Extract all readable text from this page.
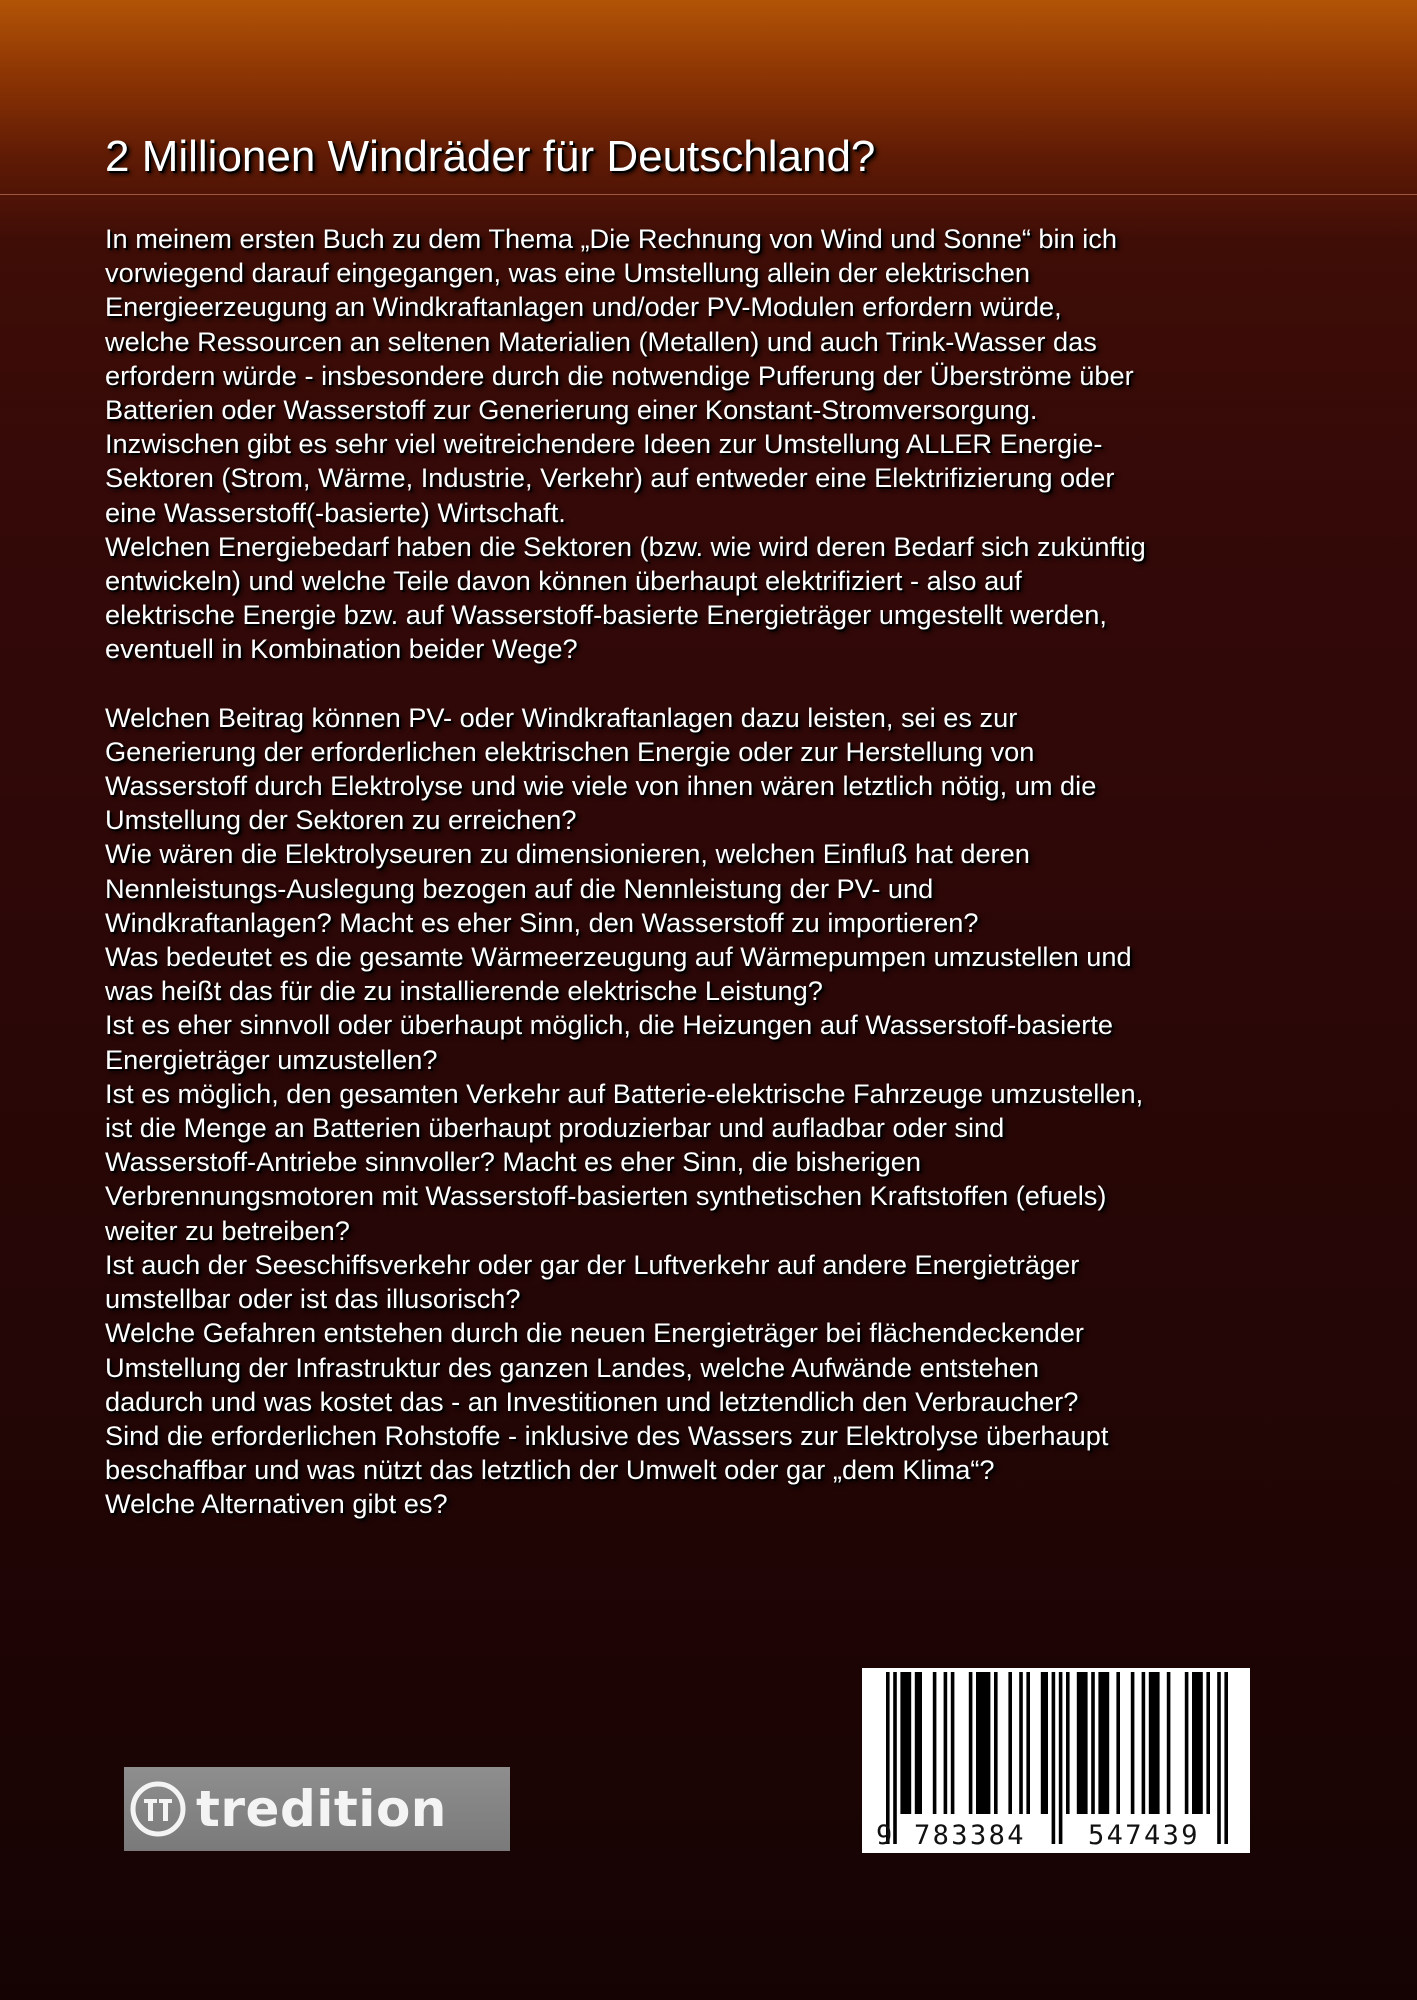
2 Millionen Windräder für Deutschland?
In meinem ersten Buch zu dem Thema „Die Rechnung von Wind und Sonne“ bin ich
vorwiegend darauf eingegangen, was eine Umstellung allein der elektrischen
Energieerzeugung an Windkraftanlagen und/oder PV-Modulen erfordern würde,
welche Ressourcen an seltenen Materialien (Metallen) und auch Trink-Wasser das
erfordern würde - insbesondere durch die notwendige Pufferung der Überströme über
Batterien oder Wasserstoff zur Generierung einer Konstant-Stromversorgung.
Inzwischen gibt es sehr viel weitreichendere Ideen zur Umstellung ALLER Energie-
Sektoren (Strom, Wärme, Industrie, Verkehr) auf entweder eine Elektrifizierung oder
eine Wasserstoff(-basierte) Wirtschaft.
Welchen Energiebedarf haben die Sektoren (bzw. wie wird deren Bedarf sich zukünftig
entwickeln) und welche Teile davon können überhaupt elektrifiziert - also auf
elektrische Energie bzw. auf Wasserstoff-basierte Energieträger umgestellt werden,
eventuell in Kombination beider Wege?
Welchen Beitrag können PV- oder Windkraftanlagen dazu leisten, sei es zur
Generierung der erforderlichen elektrischen Energie oder zur Herstellung von
Wasserstoff durch Elektrolyse und wie viele von ihnen wären letztlich nötig, um die
Umstellung der Sektoren zu erreichen?
Wie wären die Elektrolyseuren zu dimensionieren, welchen Einfluß hat deren
Nennleistungs-Auslegung bezogen auf die Nennleistung der PV- und
Windkraftanlagen? Macht es eher Sinn, den Wasserstoff zu importieren?
Was bedeutet es die gesamte Wärmeerzeugung auf Wärmepumpen umzustellen und
was heißt das für die zu installierende elektrische Leistung?
Ist es eher sinnvoll oder überhaupt möglich, die Heizungen auf Wasserstoff-basierte
Energieträger umzustellen?
Ist es möglich, den gesamten Verkehr auf Batterie-elektrische Fahrzeuge umzustellen,
ist die Menge an Batterien überhaupt produzierbar und aufladbar oder sind
Wasserstoff-Antriebe sinnvoller? Macht es eher Sinn, die bisherigen
Verbrennungsmotoren mit Wasserstoff-basierten synthetischen Kraftstoffen (efuels)
weiter zu betreiben?
Ist auch der Seeschiffsverkehr oder gar der Luftverkehr auf andere Energieträger
umstellbar oder ist das illusorisch?
Welche Gefahren entstehen durch die neuen Energieträger bei flächendeckender
Umstellung der Infrastruktur des ganzen Landes, welche Aufwände entstehen
dadurch und was kostet das - an Investitionen und letztendlich den Verbraucher?
Sind die erforderlichen Rohstoffe - inklusive des Wassers zur Elektrolyse überhaupt
beschaffbar und was nützt das letztlich der Umwelt oder gar „dem Klima“?
Welche Alternativen gibt es?
tredition	9 783384 547439
